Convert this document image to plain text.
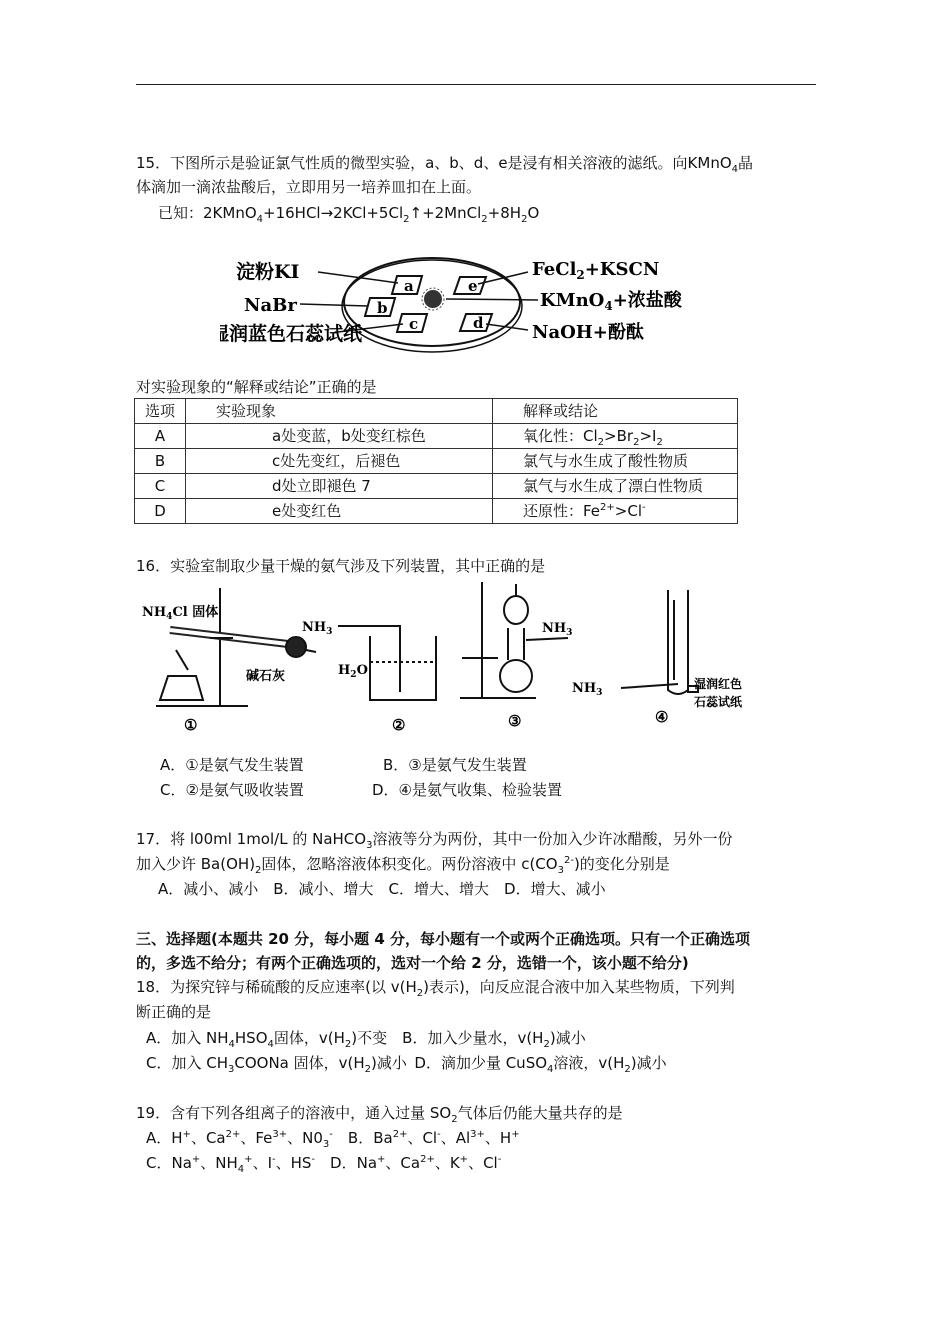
15．下图所示是验证氯气性质的微型实验，a、b、d、e是浸有相关溶液的滤纸。向KMnO$_4$晶
体滴加一滴浓盐酸后，立即用另一培养皿扣在上面。
已知：$2KMnO_4+16HCl\to 2KCl+5Cl_2↑+2MnCl_2+8H_2O$
a
b
c
e
d
淀粉KI
NaBr
湿润蓝色石蕊试纸
FeCl$_2$+KSCN
KMnO$_4$+浓盐酸
NaOH+酚酞
对实验现象的“解释或结论”正确的是
选项	实验现象	解释或结论
A	a处变蓝，b处变红棕色	氧化性：$Cl_2>Br_2>I_2$
B	c处先变红，后褪色	氯气与水生成了酸性物质
C	d处立即褪色 7	氯气与水生成了漂白性物质
D	e处变红色	还原性：$Fe^{2+}>Cl^-$
16．实验室制取少量干燥的氨气涉及下列装置，其中正确的是
$NH_4Cl$ 固体
碱石灰
①
$NH_3$
$H_2O$
②
$NH_3$
③
$NH_3$
湿润红色
石蕊试纸
④
A．①是氨气发生装置	B．③是氨气发生装置
C．②是氨气吸收装置	D．④是氨气收集、检验装置
17．将 l00ml 1mol/L 的 NaHCO$_3$溶液等分为两份，其中一份加入少许冰醋酸，另外一份
加入少许 $Ba(OH)_2$固体，忽略溶液体积变化。两份溶液中 $c(CO_3^{2-})$的变化分别是
A．减小、减小　B．减小、增大　C．增大、增大　D．增大、减小
三、选择题(本题共 20 分，每小题 4 分，每小题有一个或两个正确选项。只有一个正确选项
的，多选不给分；有两个正确选项的，选对一个给 2 分，选错一个，该小题不给分)
18．为探究锌与稀硫酸的反应速率(以 $v(H_2)$表示)，向反应混合液中加入某些物质，下列判
断正确的是
A．加入 $NH_4HSO_4$固体，$v(H_2)$不变　 B．加入少量水，$v(H_2)$减小
C．加入 $CH_3COONa$ 固体，$v(H_2)$减小  D．滴加少量 CuSO$_4$溶液，$v(H_2)$减小
19．含有下列各组离子的溶液中，通入过量 $SO_2$气体后仍能大量共存的是
A．H+、$Ca^{2+}$、$Fe^{3+}$、$N0_3^-$　 B．$Ba^{2+}$、Cl-、$Al^{3+}$、H+
C．Na+、$NH_4^+$、I-、HS-　 D．Na+、$Ca^{2+}$、K+、Cl-
